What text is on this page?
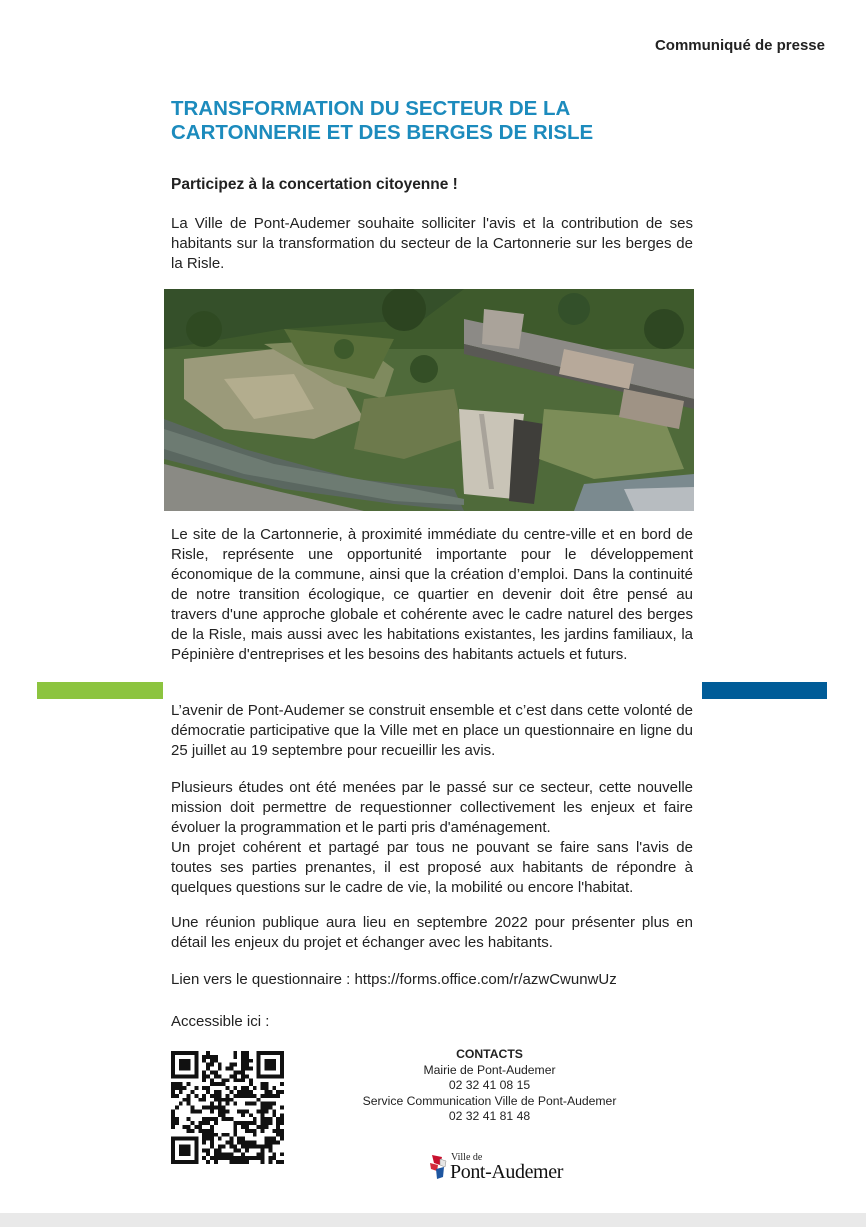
Communiqué de presse
TRANSFORMATION DU SECTEUR DE LA CARTONNERIE ET DES BERGES DE RISLE
Participez à la concertation citoyenne !

La Ville de Pont-Audemer souhaite solliciter l'avis et la contribution de ses habitants sur la transformation du secteur de la Cartonnerie sur les berges de la Risle.

Le site de la Cartonnerie, à proximité immédiate du centre-ville et en bord de Risle, représente une opportunité importante pour le développement économique de la commune, ainsi que la création d’emploi. Dans la continuité de notre transition écologique, ce quartier en devenir doit être pensé au travers d'une approche globale et cohérente avec le cadre naturel des berges de la Risle, mais aussi avec les habitations existantes, les jardins familiaux, la Pépinière d'entreprises et les besoins des habitants actuels et futurs.

L’avenir de Pont-Audemer se construit ensemble et c’est dans cette volonté de démocratie participative que la Ville met en place un questionnaire en ligne du 25 juillet au 19 septembre pour recueillir les avis.

Plusieurs études ont été menées par le passé sur ce secteur, cette nouvelle mission doit permettre de requestionner collectivement les enjeux et faire évoluer la programmation et le parti pris d'aménagement.
Un projet cohérent et partagé par tous ne pouvant se faire sans l'avis de toutes ses parties prenantes, il est proposé aux habitants de répondre à quelques questions sur le cadre de vie, la mobilité ou encore l'habitat.

Une réunion publique aura lieu en septembre 2022 pour présenter plus en détail les enjeux du projet et échanger avec les habitants.

Lien vers le questionnaire : https://forms.office.com/r/azwCwunwUz

Accessible ici :

CONTACTS
Mairie de Pont-Audemer
02 32 41 08 15
Service Communication Ville de Pont-Audemer
02 32 41 81 48
Ville de
Pont-Audemer
